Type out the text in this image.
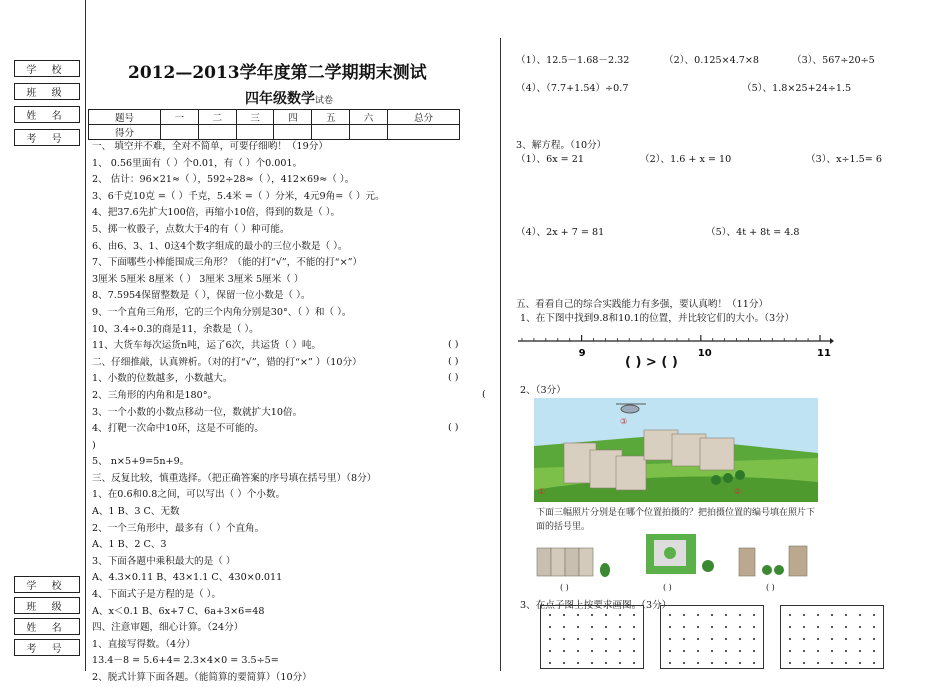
学 校

班 级

姓 名

考 号
学 校

班 级

姓 名

考 号
2012—2013学年度第二学期期末测试
四年级数学试卷
题号	一	二	三	四	五	六	总分
得分							
一、 填空并不难，全对不简单，可要仔细哟！（19分）
1、 0.56里面有（ ）个0.01，有（ ）个0.001。
2、 估计：96×21≈（ ），592÷28≈（ ），412×69≈（ ）。
3、6千克10克 =（ ）千克，5.4米 =（ ）分米，4元9角=（ ）元。
4、把37.6先扩大100倍，再缩小10倍，得到的数是（ ）。
5、掷一枚骰子，点数大于4的有（ ）种可能。
6、由6、3、1、0这4个数字组成的最小的三位小数是（ ）。
7、下面哪些小棒能围成三角形？（能的打“√”，不能的打“×”）
3厘米 5厘米 8厘米（ ） 3厘米 3厘米 5厘米（ ）
8、7.5954保留整数是（ ），保留一位小数是（ ）。
9、一个直角三角形，它的三个内角分别是30°、（ ）和（ ）。
10、3.4÷0.3的商是11，余数是（ ）。
11、大货车每次运货n吨，运了6次，共运货（ ）吨。
二、仔细推敲，认真辨析。（对的打“√”，错的打“×” ）（10分）
1、小数的位数越多，小数越大。
2、三角形的内角和是180°。
3、一个小数的小数点移动一位，数就扩大10倍。
4、打靶一次命中10环，这是不可能的。
)
5、 n×5+9=5n+9。
三、反复比较，慎重选择。（把正确答案的序号填在括号里）（8分）
1、在0.6和0.8之间，可以写出（ ）个小数。
A、1 B、3 C、无数
2、一个三角形中，最多有（ ）个直角。
A、1 B、2 C、3
3、下面各题中乘积最大的是（ ）
A、4.3×0.11 B、43×1.1 C、430×0.011
4、下面式子是方程的是（ ）。
A、x＜0.1 B、6x+7 C、6a+3×6=48
四、注意审题，细心计算。（24分）
1、直接写得数。（4分）
13.4－8 = 5.6+4= 2.3×4×0 = 3.5÷5=
2、脱式计算下面各题。（能简算的要简算）（10分）
( )
( )
( )
(
( )
（1）、12.5－1.68－2.32	（2）、0.125×4.7×8	（3）、567÷20÷5
（4）、（7.7+1.54）÷0.7	（5）、1.8×25+24÷1.5
3、解方程。（10分）
（1）、6x = 21	（2）、1.6 + x = 10	（3）、x÷1.5= 6
（4）、2x + 7 = 81	（5）、4t + 8t = 4.8
五、看看自己的综合实践能力有多强，要认真哟！（11分）
1、在下图中找到9.8和10.1的位置，并比较它们的大小。（3分）
9	10	11
( ) > ( )
2、（3分）
③
①	②
下面三幅照片分别是在哪个位置拍摄的？把拍摄位置的编号填在照片下面的括号里。
( )	( )	( )
3、在点子图上按要求画图。（3分）
